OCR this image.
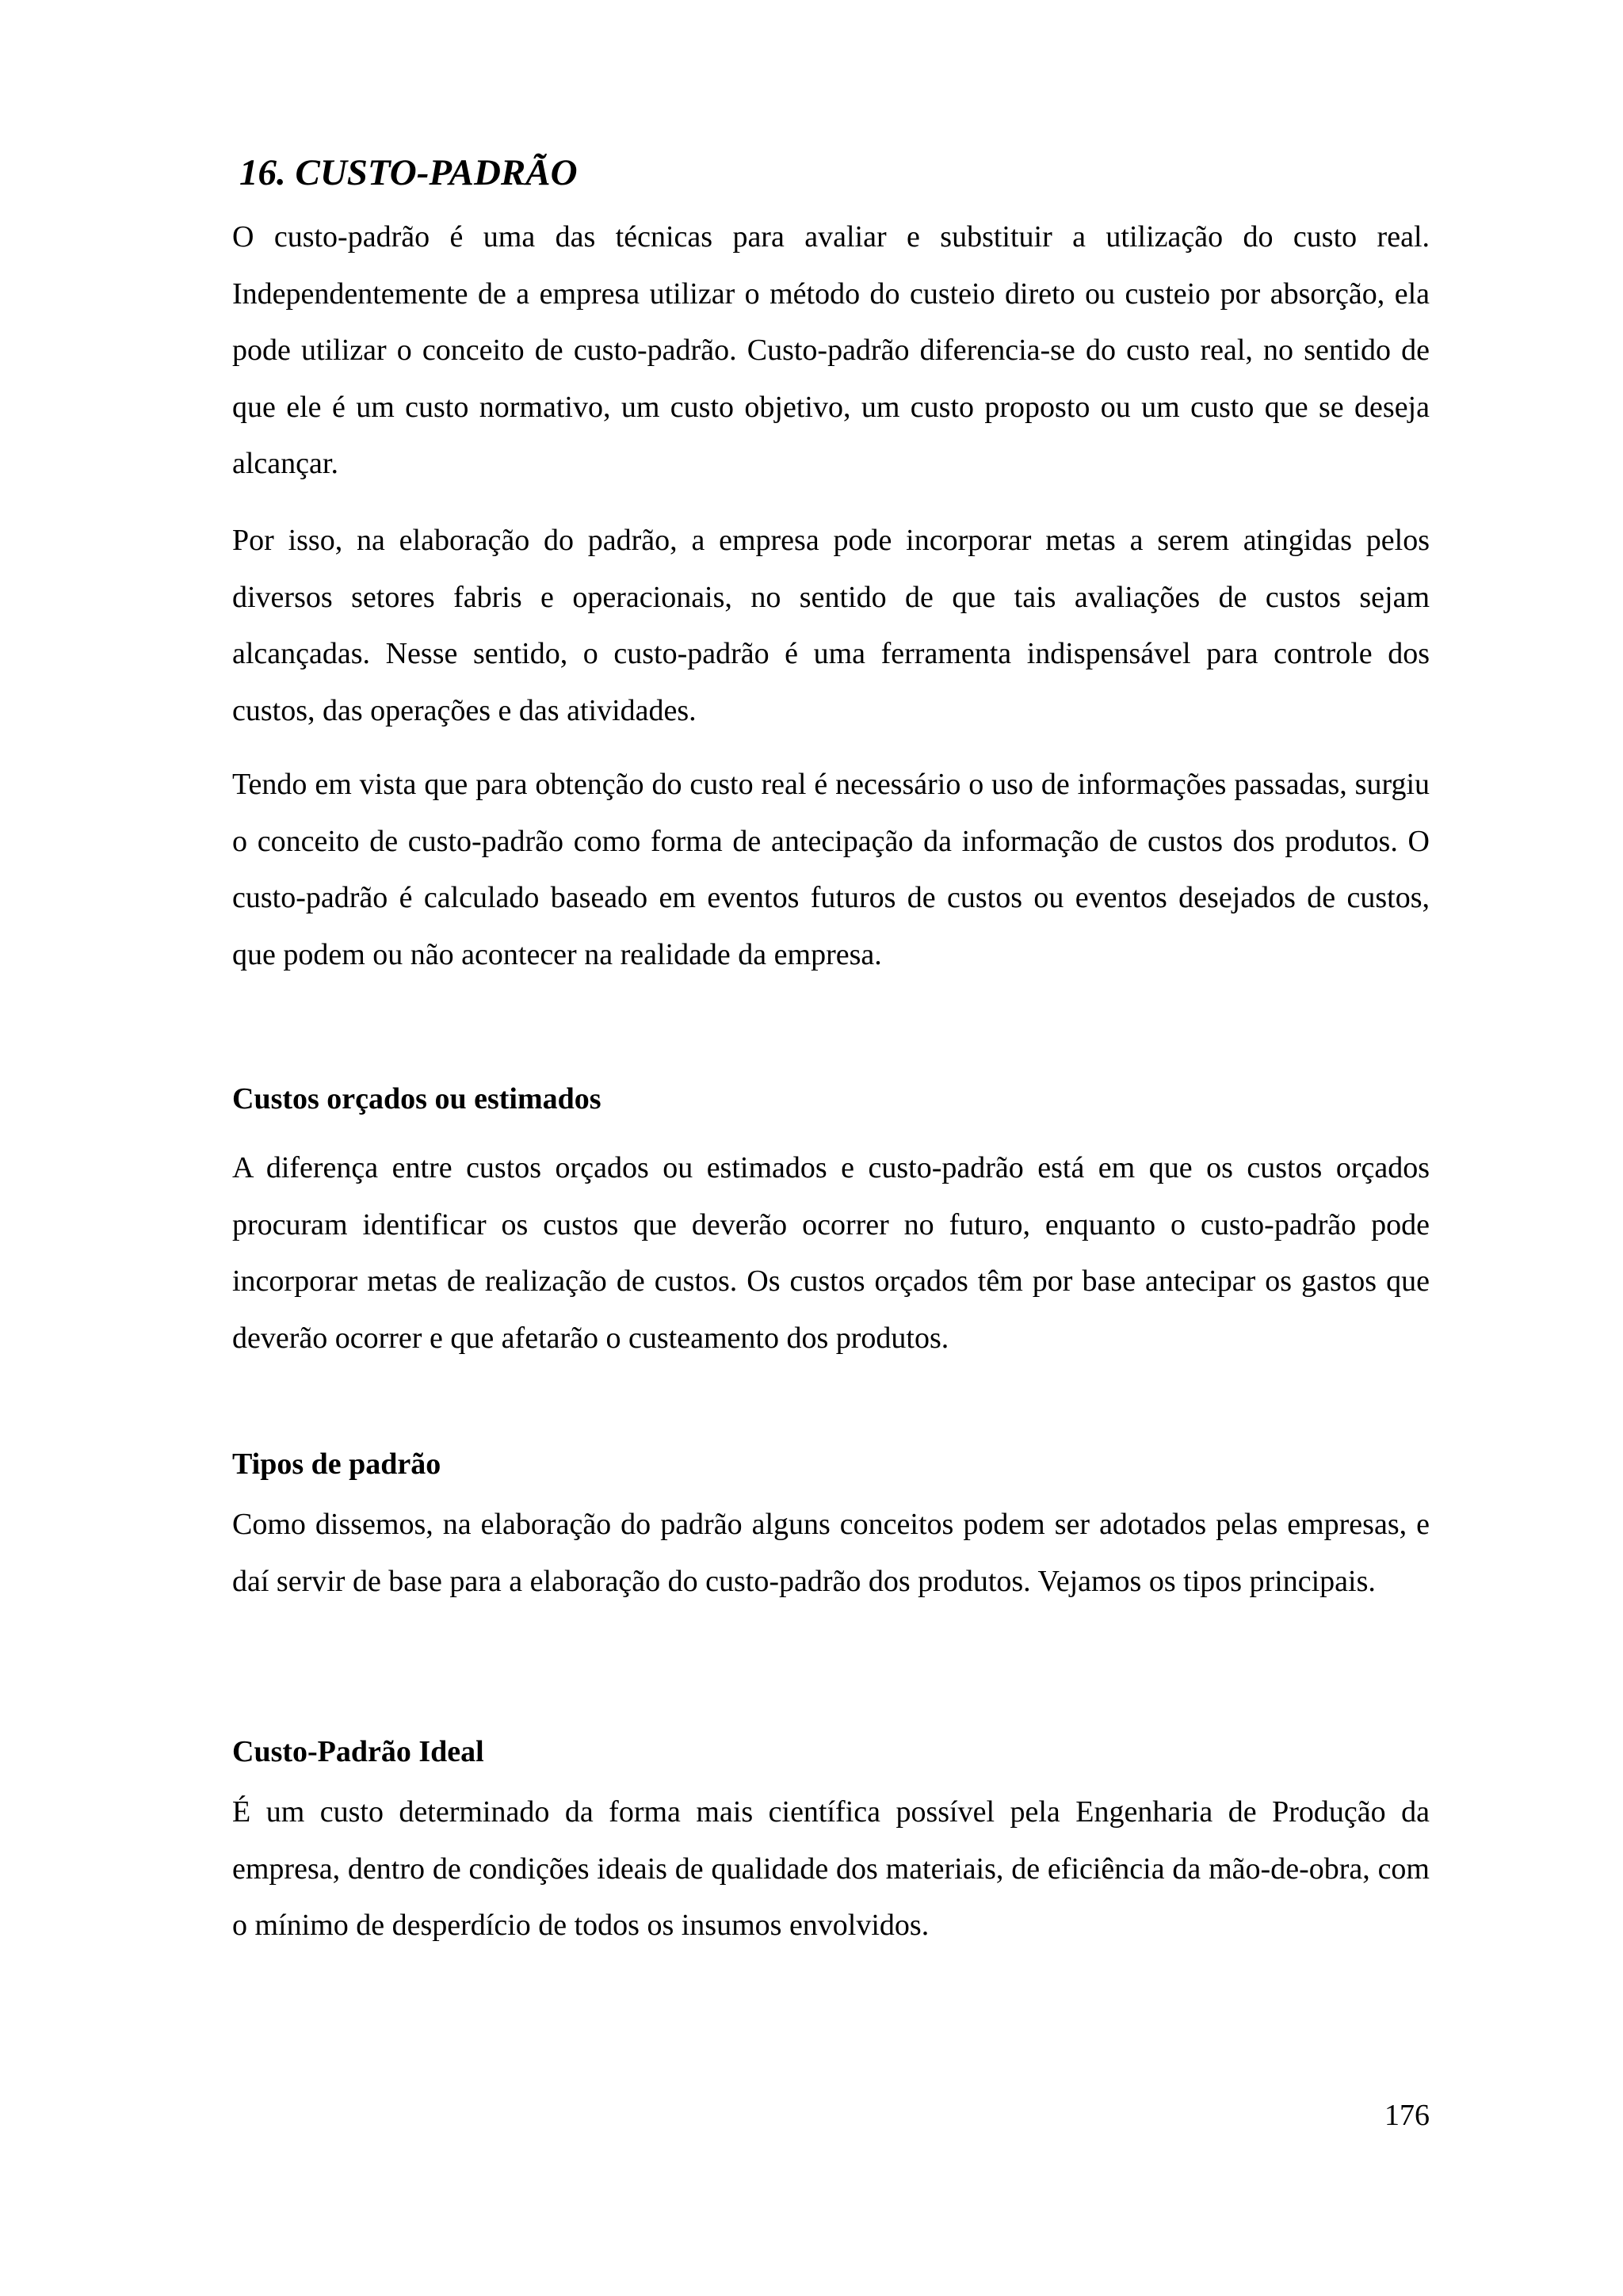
16. CUSTO-PADRÃO

O custo-padrão é uma das técnicas para avaliar e substituir a utilização do custo real. Independentemente de a empresa utilizar o método do custeio direto ou custeio por absorção, ela pode utilizar o conceito de custo-padrão. Custo-padrão diferencia-se do custo real, no sentido de que ele é um custo normativo, um custo objetivo, um custo proposto ou um custo que se deseja alcançar.

Por isso, na elaboração do padrão, a empresa pode incorporar metas a serem atingidas pelos diversos setores fabris e operacionais, no sentido de que tais avaliações de custos sejam alcançadas. Nesse sentido, o custo-padrão é uma ferramenta indispensável para controle dos custos, das operações e das atividades.

Tendo em vista que para obtenção do custo real é necessário o uso de informações passadas, surgiu o conceito de custo-padrão como forma de antecipação da informação de custos dos produtos. O custo-padrão é calculado baseado em eventos futuros de custos ou eventos desejados de custos, que podem ou não acontecer na realidade da empresa.

Custos orçados ou estimados

A diferença entre custos orçados ou estimados e custo-padrão está em que os custos orçados procuram identificar os custos que deverão ocorrer no futuro, enquanto o custo-padrão pode incorporar metas de realização de custos. Os custos orçados têm por base antecipar os gastos que deverão ocorrer e que afetarão o custeamento dos produtos.

Tipos de padrão

Como dissemos, na elaboração do padrão alguns conceitos podem ser adotados pelas empresas, e daí servir de base para a elaboração do custo-padrão dos produtos. Vejamos os tipos principais.

Custo-Padrão Ideal

É um custo determinado da forma mais científica possível pela Engenharia de Produção da empresa, dentro de condições ideais de qualidade dos materiais, de eficiência da mão-de-obra, com o mínimo de desperdício de todos os insumos envolvidos.

176
